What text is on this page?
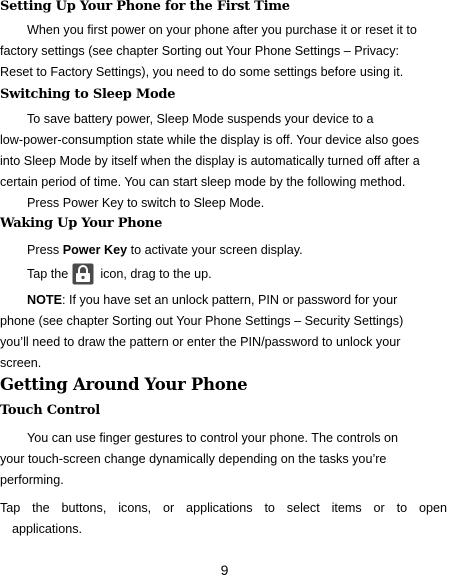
Setting Up Your Phone for the First Time

When you first power on your phone after you purchase it or reset it to

factory settings (see chapter Sorting out Your Phone Settings – Privacy:

Reset to Factory Settings), you need to do some settings before using it.

Switching to Sleep Mode

To save battery power, Sleep Mode suspends your device to a

low-power-consumption state while the display is off. Your device also goes

into Sleep Mode by itself when the display is automatically turned off after a

certain period of time. You can start sleep mode by the following method.

Press Power Key to switch to Sleep Mode.

Waking Up Your Phone

Press Power Key to activate your screen display.

Tap the	icon, drag to the up.

NOTE: If you have set an unlock pattern, PIN or password for your

phone (see chapter Sorting out Your Phone Settings – Security Settings)

you’ll need to draw the pattern or enter the PIN/password to unlock your

screen.

Getting Around Your Phone
Touch Control

You can use finger gestures to control your phone. The controls on

your touch-screen change dynamically depending on the tasks you’re

performing.

Tap the buttons, icons, or applications to select items or to open

applications.

9
